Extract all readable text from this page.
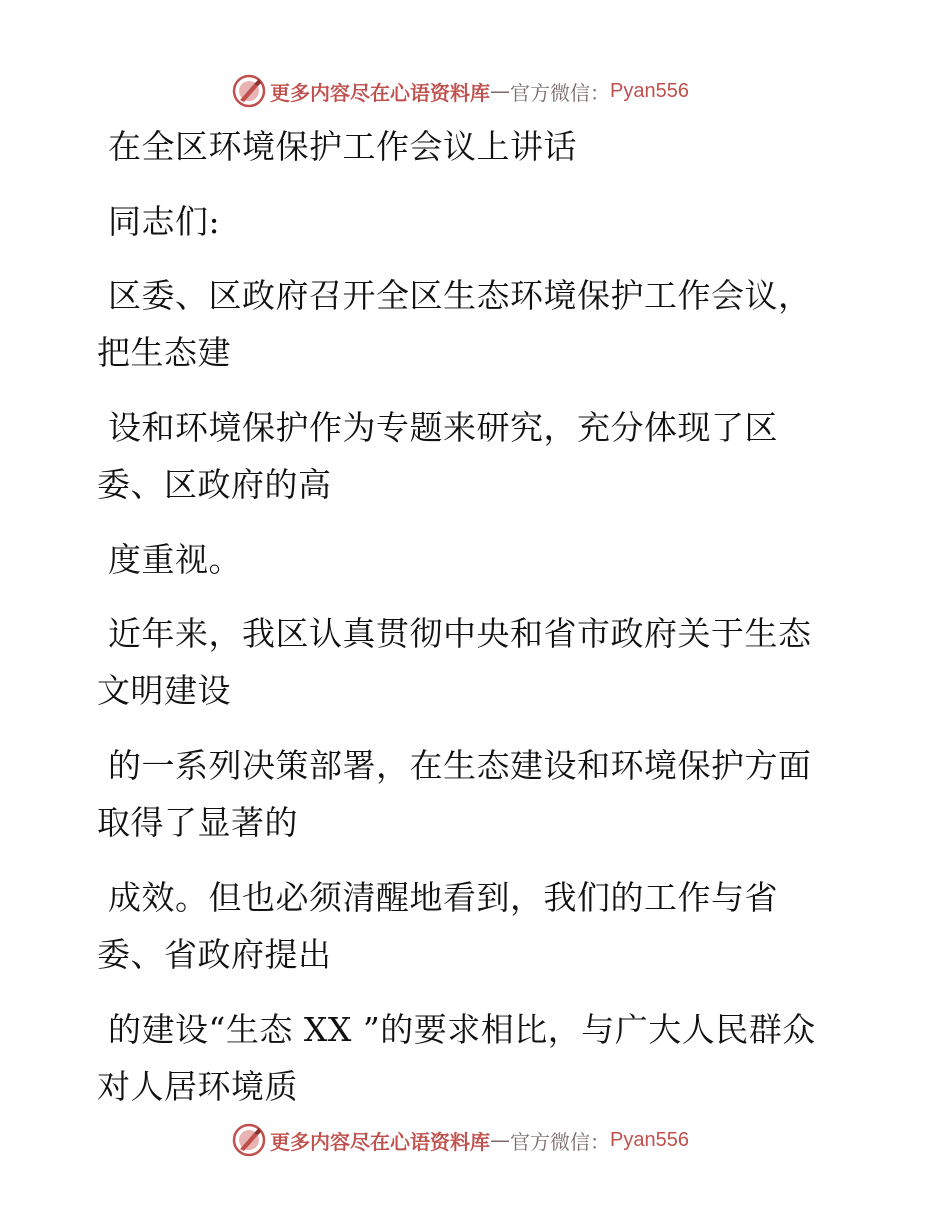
更多内容尽在心语资料库 — 官方微信： Pyan556
在全区环境保护工作会议上讲话
同志们:
区委、区政府召开全区生态环境保护工作会议，
把生态建
设和环境保护作为专题来研究，充分体现了区
委、区政府的高
度重视。
近年来，我区认真贯彻中央和省市政府关于生态
文明建设
的一系列决策部署，在生态建设和环境保护方面
取得了显著的
成效。但也必须清醒地看到，我们的工作与省
委、省政府提出
的建设“生态 XX ”的要求相比，与广大人民群众
对人居环境质
更多内容尽在心语资料库 — 官方微信： Pyan556
